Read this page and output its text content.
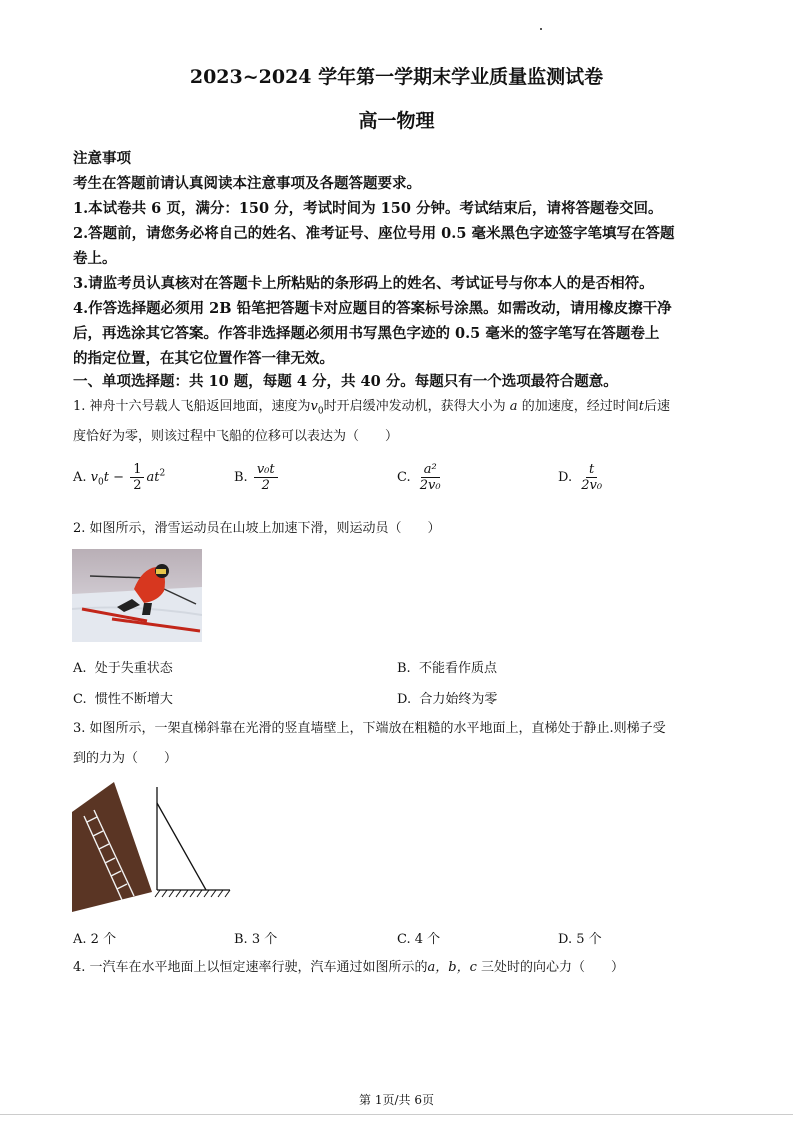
2023~2024 学年第一学期末学业质量监测试卷
高一物理
注意事项
考生在答题前请认真阅读本注意事项及各题答题要求。
1.本试卷共 6 页，满分：150 分，考试时间为 150 分钟。考试结束后，请将答题卷交回。
2.答题前，请您务必将自己的姓名、准考证号、座位号用 0.5 毫米黑色字迹签字笔填写在答题
卷上。
3.请监考员认真核对在答题卡上所粘贴的条形码上的姓名、考试证号与你本人的是否相符。
4.作答选择题必须用 2B 铅笔把答题卡对应题目的答案标号涂黑。如需改动，请用橡皮擦干净
后，再选涂其它答案。作答非选择题必须用书写黑色字迹的 0.5 毫米的签字笔写在答题卷上
的指定位置，在其它位置作答一律无效。
一、单项选择题：共 10 题，每题 4 分，共 40 分。每题只有一个选项最符合题意。
1. 神舟十六号载人飞船返回地面，速度为$v_0$时开启缓冲发动机，获得大小为 a 的加速度，经过时间t后速
度恰好为零，则该过程中飞船的位移可以表达为（　　）
A. $v_0t - \frac{1}{2} at^2$	B. $\frac{\text{v₀t}}{2}$	C. $\frac{\text{a²}}{\text{2v₀}}$	D. $\frac{t}{\text{2v₀}}$
2. 如图所示，滑雪运动员在山坡上加速下滑，则运动员（　　）
A. 处于失重状态	B. 不能看作质点
C. 惯性不断增大	D. 合力始终为零
3. 如图所示，一架直梯斜靠在光滑的竖直墙壁上，下端放在粗糙的水平地面上，直梯处于静止.则梯子受
到的力为（　　）
A. 2 个	B. 3 个	C. 4 个	D. 5 个
4. 一汽车在水平地面上以恒定速率行驶，汽车通过如图所示的a，b，c 三处时的向心力（　　）
第 1页/共 6页
